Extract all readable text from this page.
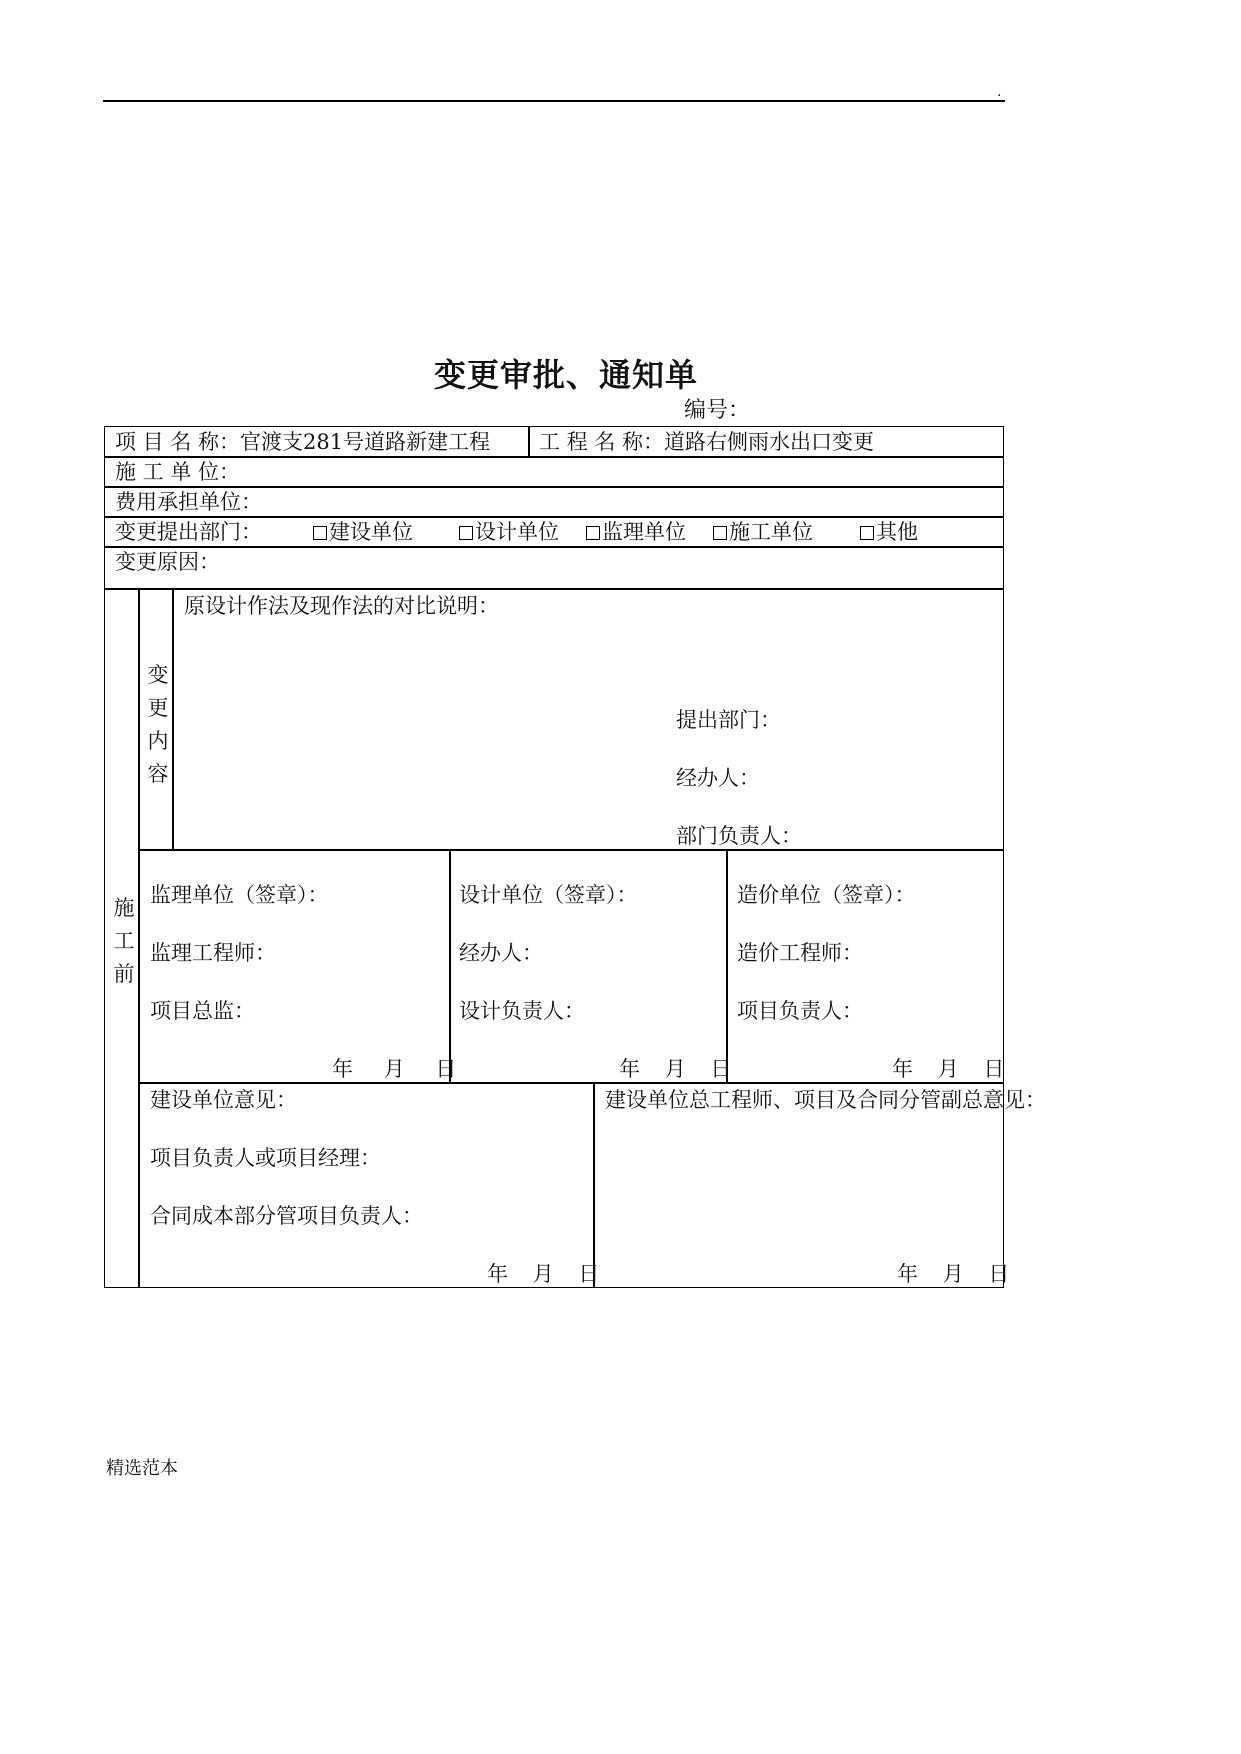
.
变更审批、通知单
编号：
项 目 名 称：官渡支281号道路新建工程 工 程 名 称：道路右侧雨水出口变更
施 工 单 位：
费用承担单位：
变更提出部门：	建设单位	设计单位	监理单位	施工单位	其他
变更原因：
施工前
变更内容
原设计作法及现作法的对比说明：
提出部门：
经办人：
部门负责人：
监理单位（签章）：
监理工程师：
项目总监：
年 月 日
设计单位（签章）：
经办人：
设计负责人：
年 月 日
造价单位（签章）：
造价工程师：
项目负责人：
年 月 日
建设单位意见：
项目负责人或项目经理：
合同成本部分管项目负责人：
年 月 日
建设单位总工程师、项目及合同分管副总意见：
年 月 日
精选范本
